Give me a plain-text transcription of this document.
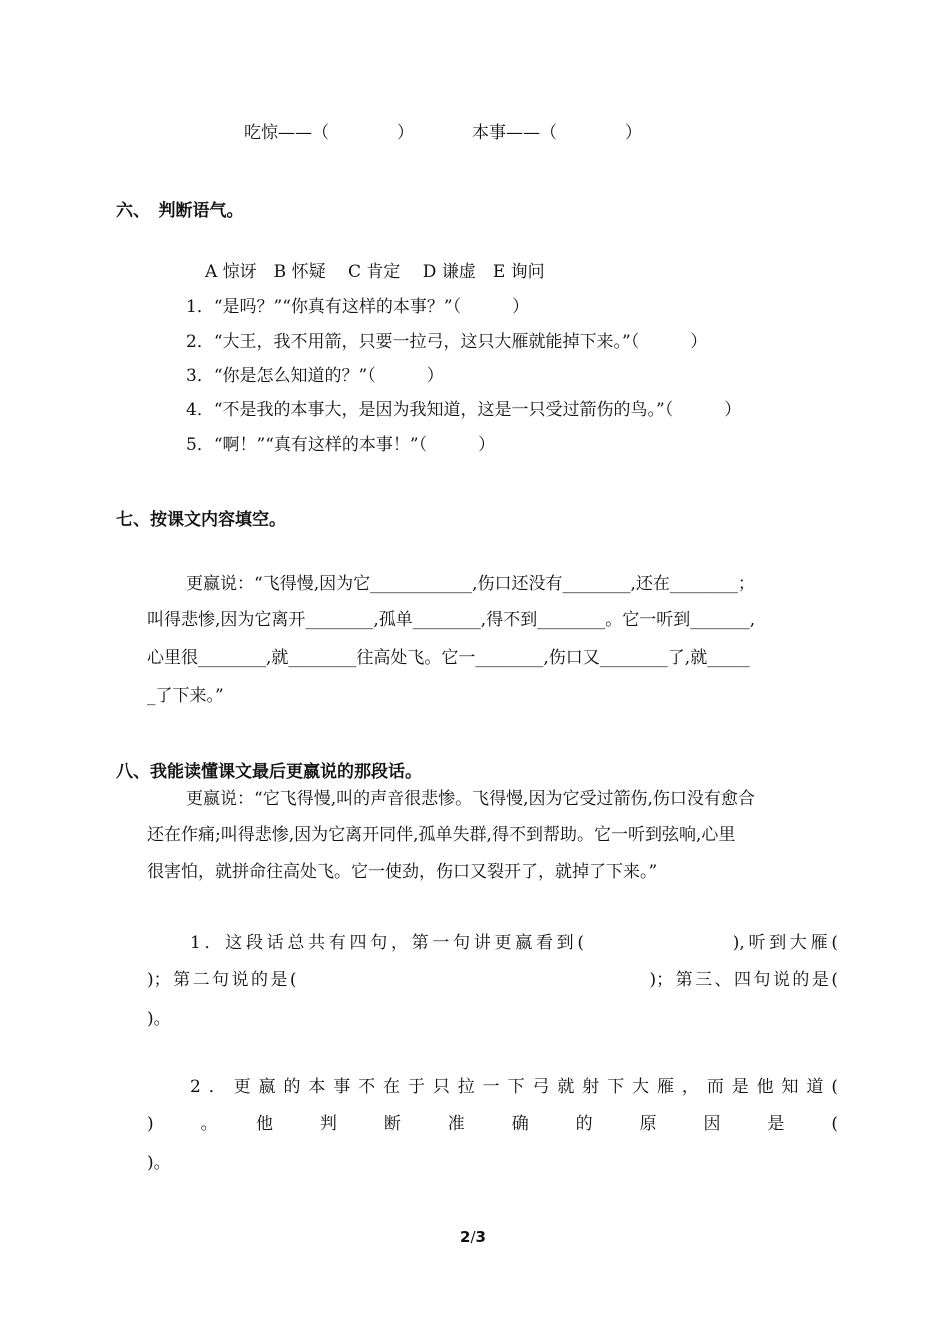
吃惊——（　　　　）	本事——（　　　　）
六、　判断语气。
A 惊讶　B 怀疑　 C 肯定　 D 谦虚　E 询问
1．“是吗？”“你真有这样的本事？”（　　　）
2．“大王，我不用箭，只要一拉弓，这只大雁就能掉下来。”（　　　）
3．“你是怎么知道的？”（　　　）
4．“不是我的本事大，是因为我知道，这是一只受过箭伤的鸟。”（　　　）
5．“啊！”“真有这样的本事！”（　　　）
七、按课文内容填空。
更嬴说：“飞得慢,因为它____________,伤口还没有________,还在________；
叫得悲惨,因为它离开________,孤单________,得不到________。它一听到_______,
心里很________,就________往高处飞。它一________,伤口又________了,就_____
_了下来。”
八、我能读懂课文最后更嬴说的那段话。
更嬴说：“它飞得慢,叫的声音很悲惨。飞得慢,因为它受过箭伤,伤口没有愈合
还在作痛;叫得悲惨,因为它离开同伴,孤单失群,得不到帮助。它一听到弦响,心里
很害怕，就拼命往高处飞。它一使劲，伤口又裂开了，就掉了下来。”
1．这段话总共有四句，第一句讲更嬴看到(　　　　　　　),听到大雁(
)；第二句说的是(　　　　　　　　　　　　　　　　　　)；第三、四句说的是(
)。
2．更嬴的本事不在于只拉一下弓就射下大雁，而是他知道(
)　。　他　判　断　准　确　的　原　因　是　(
)。
2/3
